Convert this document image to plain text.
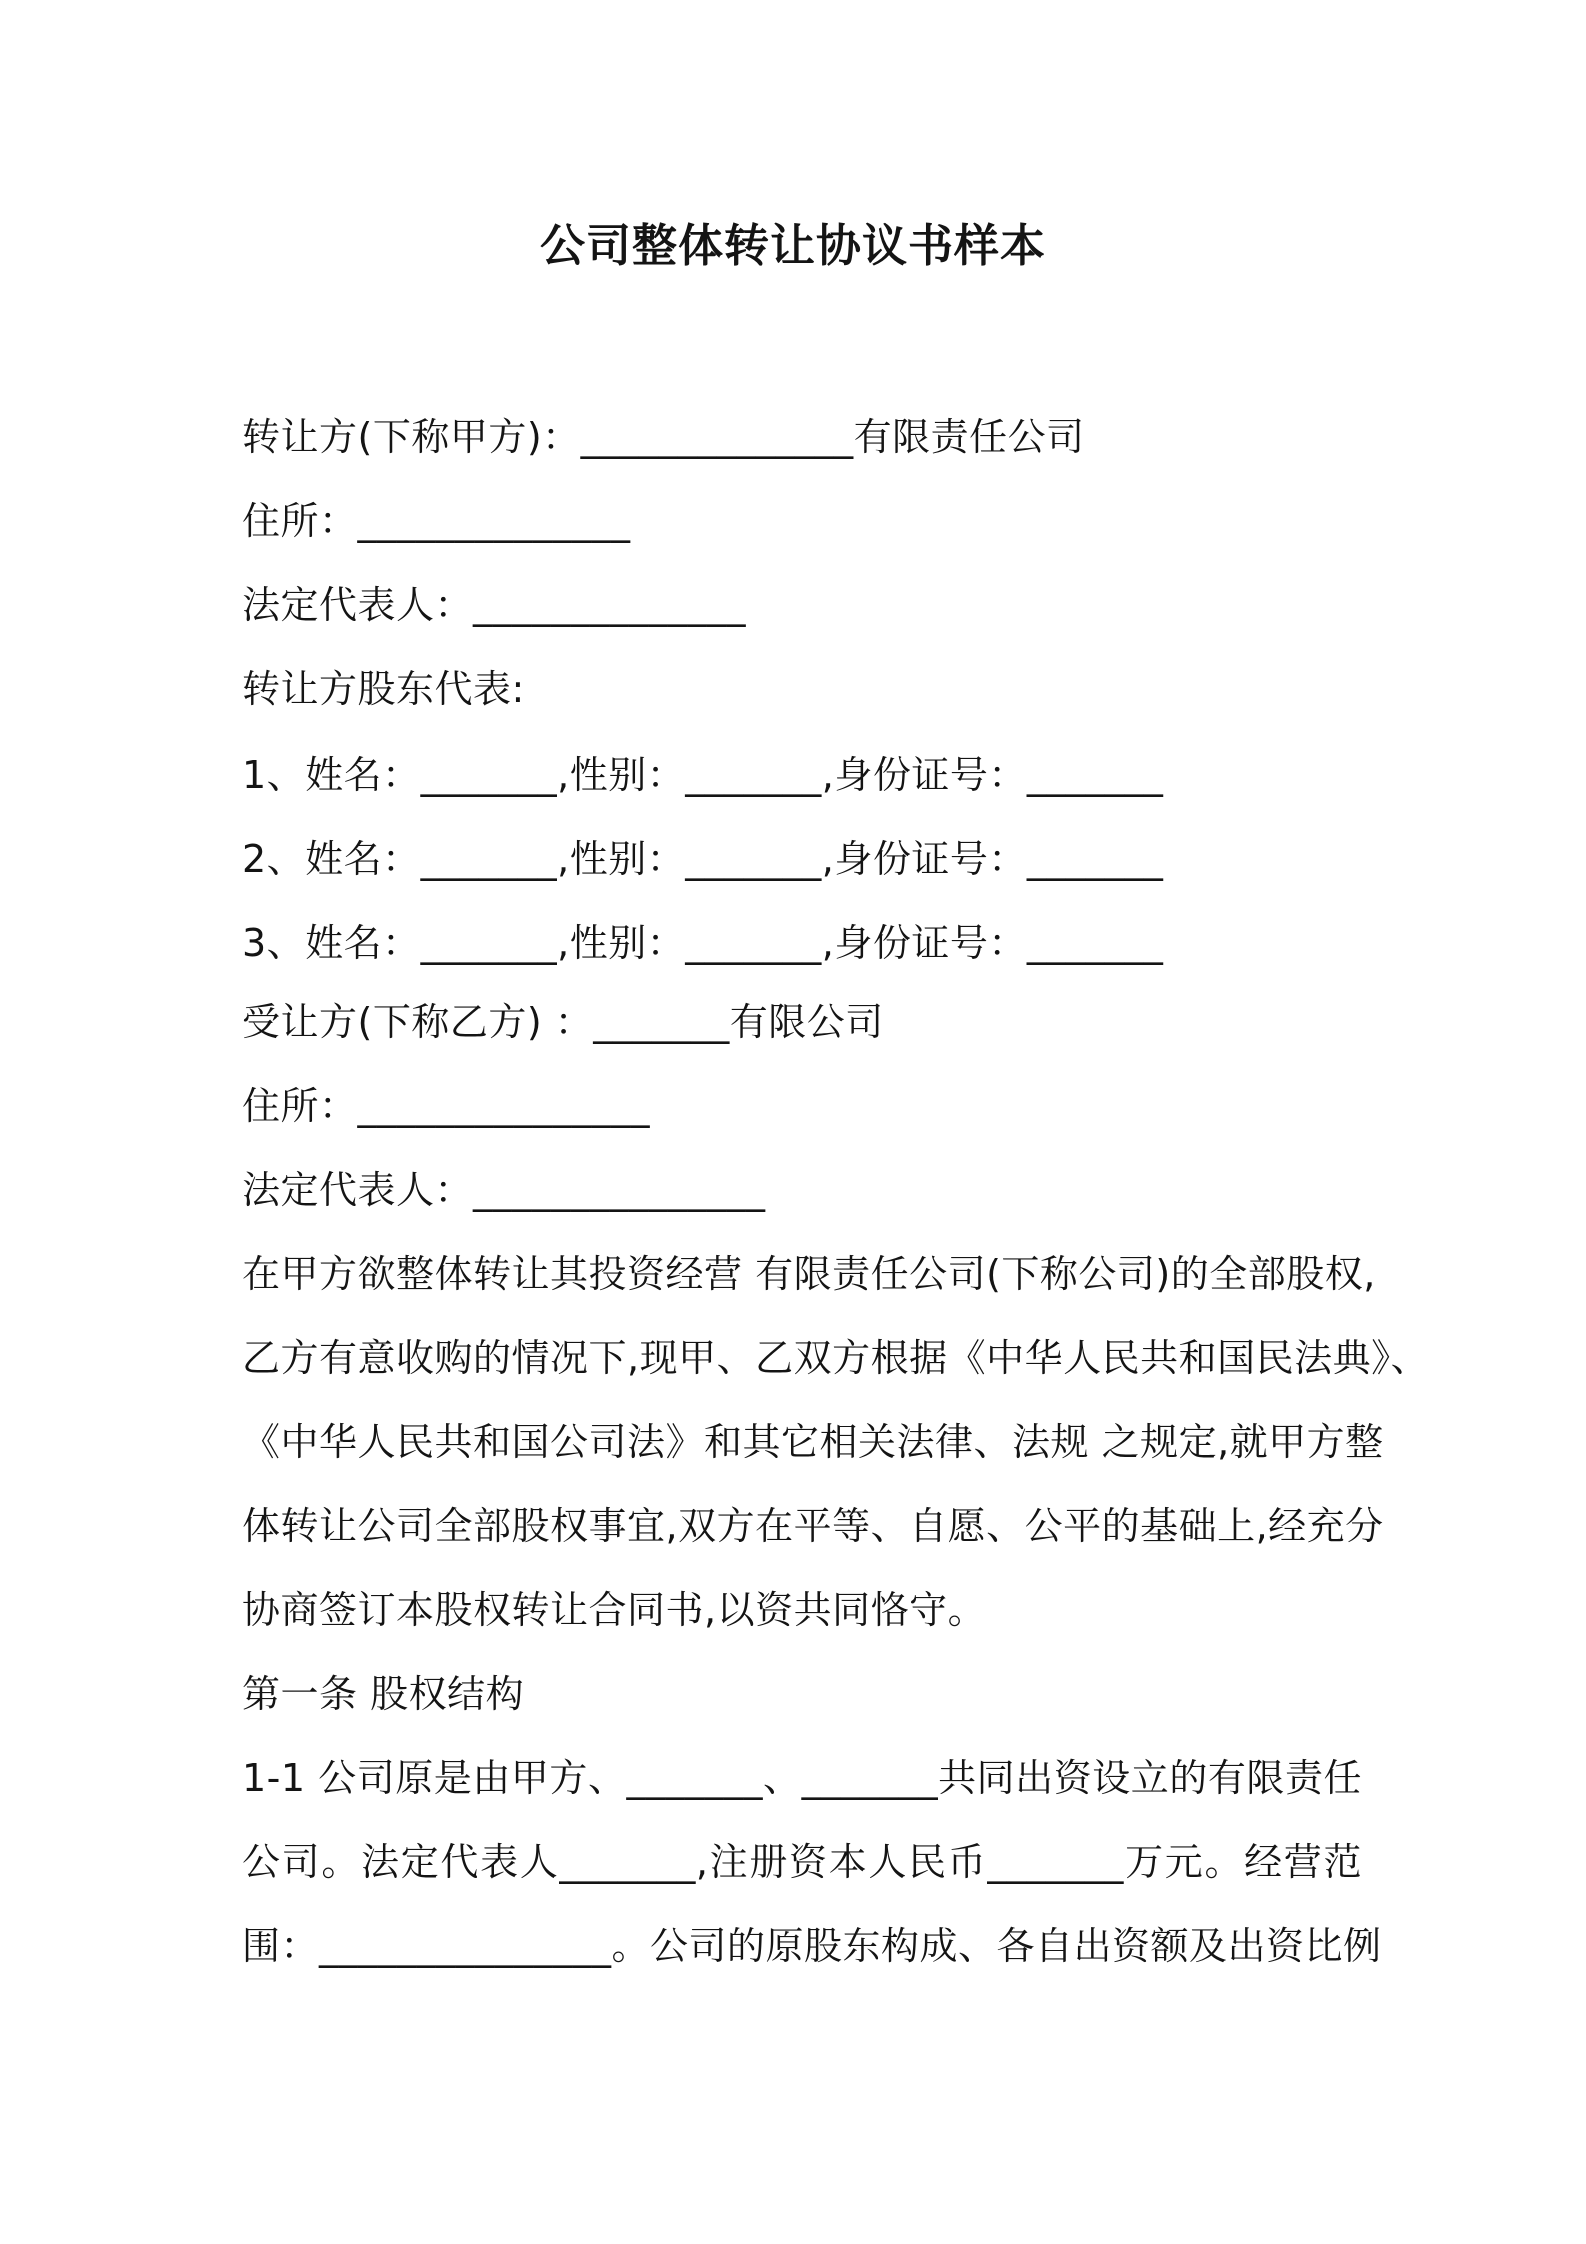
公司整体转让协议书样本
转让方(下称甲方)：______________有限责任公司
住所：______________
法定代表人：______________
转让方股东代表:
1、姓名：_______,性别：_______,身份证号：_______
2、姓名：_______,性别：_______,身份证号：_______
3、姓名：_______,性别：_______,身份证号：_______
受让方(下称乙方) ：_______有限公司
住所：_______________
法定代表人：_______________
在甲方欲整体转让其投资经营 有限责任公司(下称公司)的全部股权,
乙方有意收购的情况下,现甲、乙双方根据《中华人民共和国民法典》、
《中华人民共和国公司法》和其它相关法律、法规 之规定,就甲方整
体转让公司全部股权事宜,双方在平等、自愿、公平的基础上,经充分
协商签订本股权转让合同书,以资共同恪守。
第一条 股权结构
1-1 公司原是由甲方、_______、_______共同出资设立的有限责任
公司。法定代表人_______,注册资本人民币_______万元。经营范
围：_______________。公司的原股东构成、各自出资额及出资比例
